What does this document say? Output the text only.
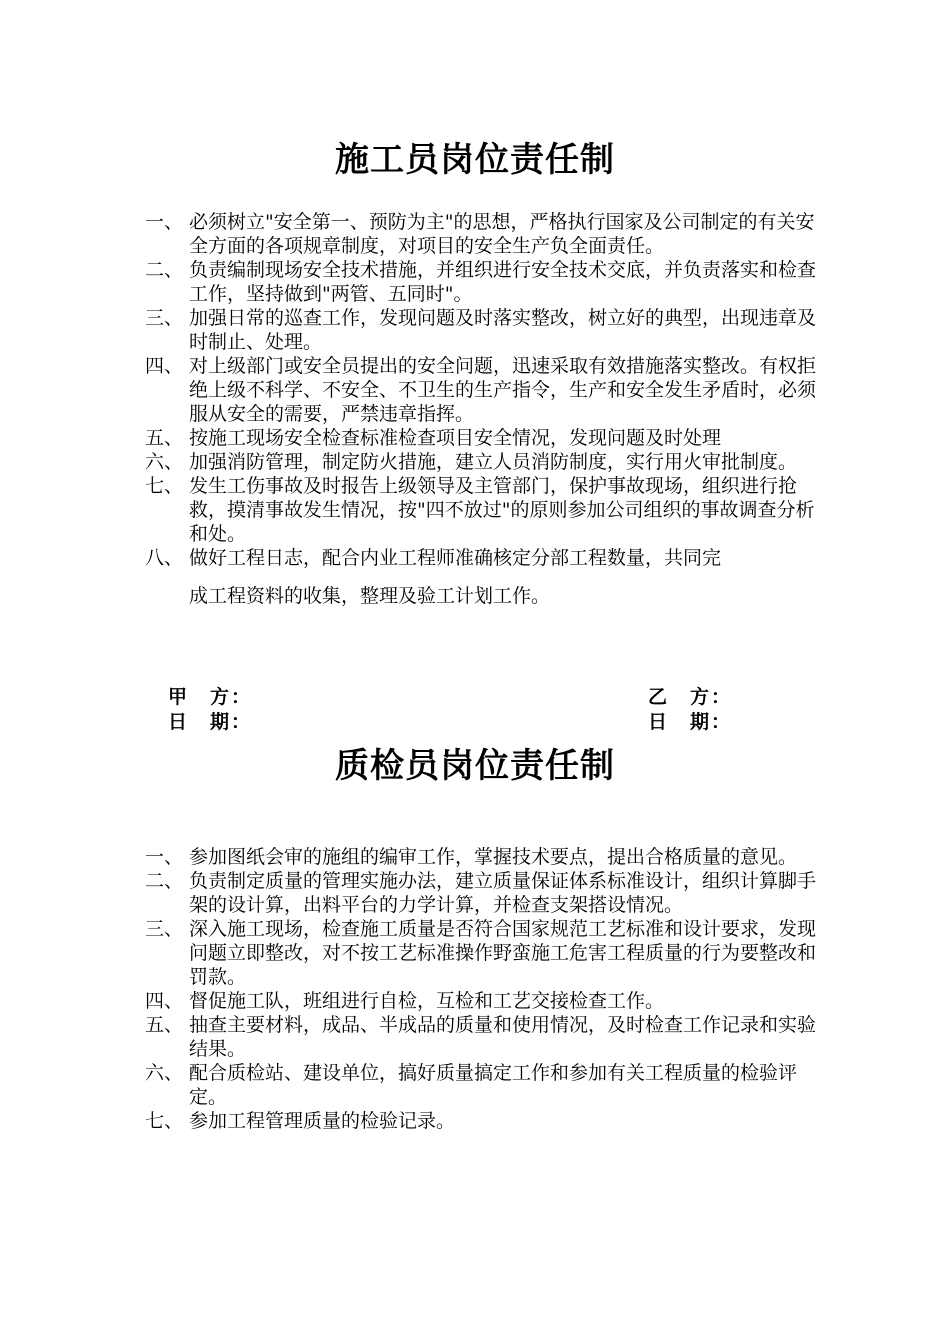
施工员岗位责任制
一、 必须树立"安全第一、预防为主"的思想，严格执行国家及公司制定的有关安全方面的各项规章制度，对项目的安全生产负全面责任。
二、 负责编制现场安全技术措施，并组织进行安全技术交底，并负责落实和检查工作，坚持做到"两管、五同时"。
三、 加强日常的巡查工作，发现问题及时落实整改，树立好的典型，出现违章及时制止、处理。
四、 对上级部门或安全员提出的安全问题，迅速采取有效措施落实整改。有权拒绝上级不科学、不安全、不卫生的生产指令，生产和安全发生矛盾时，必须服从安全的需要，严禁违章指挥。
五、 按施工现场安全检查标准检查项目安全情况，发现问题及时处理
六、 加强消防管理，制定防火措施，建立人员消防制度，实行用火审批制度。
七、 发生工伤事故及时报告上级领导及主管部门，保护事故现场，组织进行抢救，摸清事故发生情况，按"四不放过"的原则参加公司组织的事故调查分析和处。
八、 做好工程日志，配合内业工程师准确核定分部工程数量，共同完
成工程资料的收集，整理及验工计划工作。
甲　方：
日　期：
乙　方：
日　期：
质检员岗位责任制
一、 参加图纸会审的施组的编审工作，掌握技术要点，提出合格质量的意见。
二、 负责制定质量的管理实施办法，建立质量保证体系标准设计，组织计算脚手架的设计算，出料平台的力学计算，并检查支架搭设情况。
三、 深入施工现场，检查施工质量是否符合国家规范工艺标准和设计要求，发现问题立即整改，对不按工艺标准操作野蛮施工危害工程质量的行为要整改和罚款。
四、 督促施工队，班组进行自检，互检和工艺交接检查工作。
五、 抽查主要材料，成品、半成品的质量和使用情况，及时检查工作记录和实验结果。
六、 配合质检站、建设单位，搞好质量搞定工作和参加有关工程质量的检验评定。
七、 参加工程管理质量的检验记录。
